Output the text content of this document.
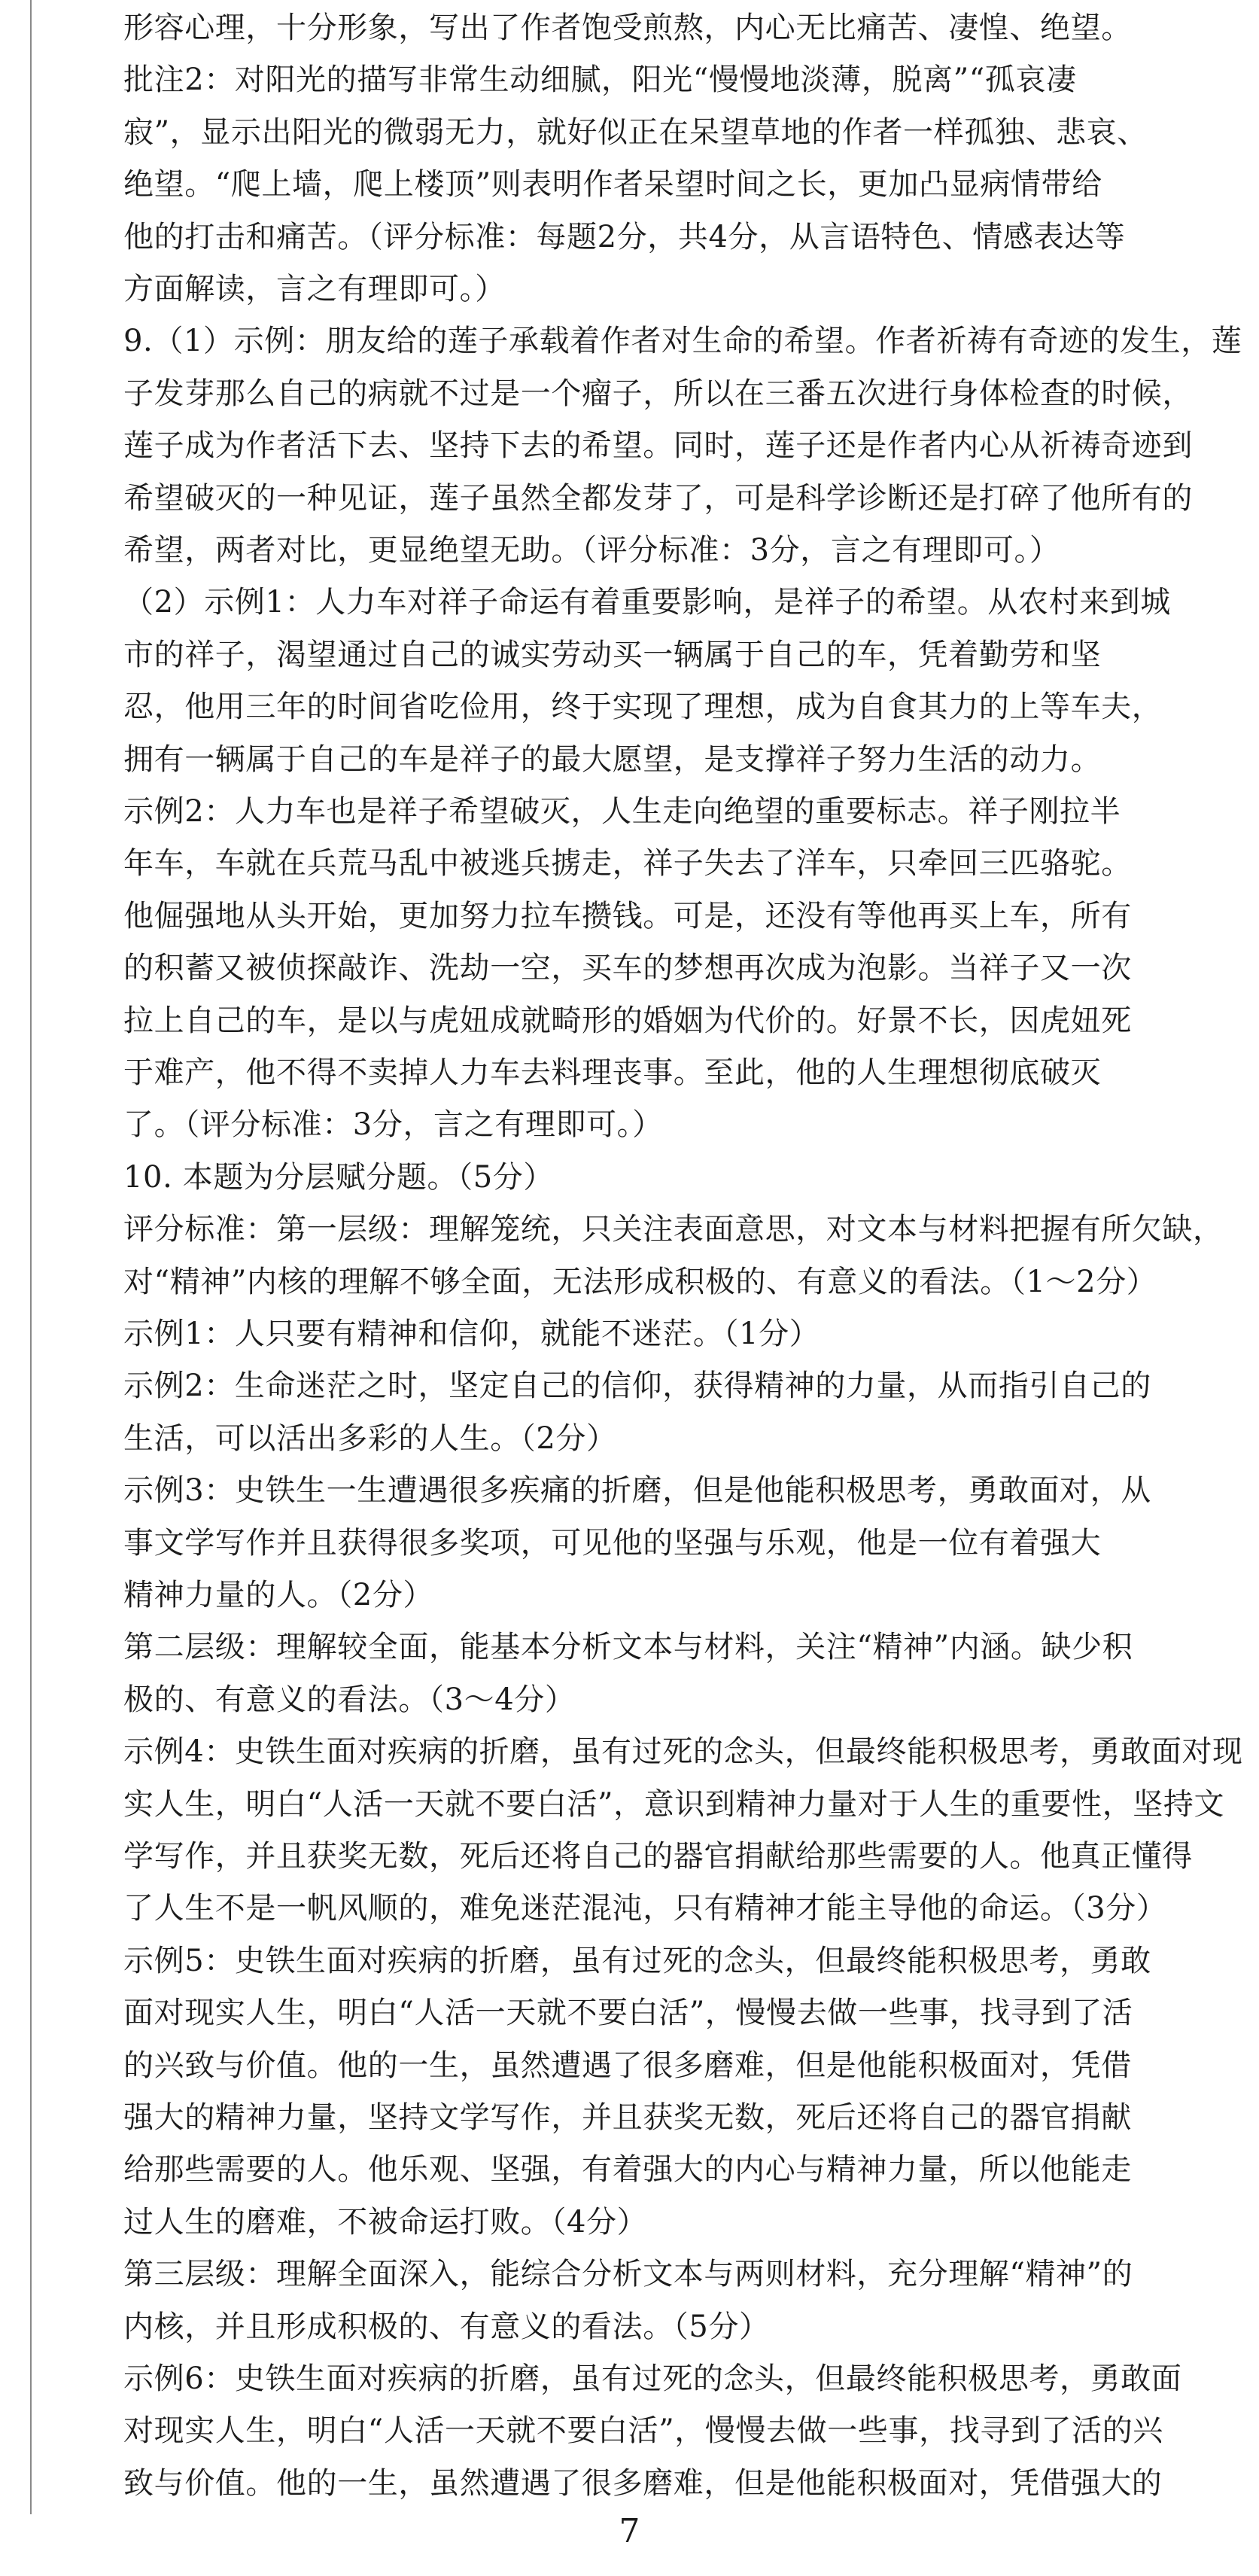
形容心理，十分形象，写出了作者饱受煎熬，内心无比痛苦、凄惶、绝望。
批注2：对阳光的描写非常生动细腻，阳光“慢慢地淡薄，脱离”“孤哀凄
寂”，显示出阳光的微弱无力，就好似正在呆望草地的作者一样孤独、悲哀、
绝望。“爬上墙，爬上楼顶”则表明作者呆望时间之长，更加凸显病情带给
他的打击和痛苦。（评分标准：每题2分，共4分，从言语特色、情感表达等
方面解读，言之有理即可。）
9.（1）示例：朋友给的莲子承载着作者对生命的希望。作者祈祷有奇迹的发生，莲
子发芽那么自己的病就不过是一个瘤子，所以在三番五次进行身体检查的时候，
莲子成为作者活下去、坚持下去的希望。同时，莲子还是作者内心从祈祷奇迹到
希望破灭的一种见证，莲子虽然全都发芽了，可是科学诊断还是打碎了他所有的
希望，两者对比，更显绝望无助。（评分标准：3分，言之有理即可。）
（2）示例1：人力车对祥子命运有着重要影响，是祥子的希望。从农村来到城
市的祥子，渴望通过自己的诚实劳动买一辆属于自己的车，凭着勤劳和坚
忍，他用三年的时间省吃俭用，终于实现了理想，成为自食其力的上等车夫，
拥有一辆属于自己的车是祥子的最大愿望，是支撑祥子努力生活的动力。
示例2：人力车也是祥子希望破灭，人生走向绝望的重要标志。祥子刚拉半
年车，车就在兵荒马乱中被逃兵掳走，祥子失去了洋车，只牵回三匹骆驼。
他倔强地从头开始，更加努力拉车攒钱。可是，还没有等他再买上车，所有
的积蓄又被侦探敲诈、洗劫一空，买车的梦想再次成为泡影。当祥子又一次
拉上自己的车，是以与虎妞成就畸形的婚姻为代价的。好景不长，因虎妞死
于难产，他不得不卖掉人力车去料理丧事。至此，他的人生理想彻底破灭
了。（评分标准：3分，言之有理即可。）
10. 本题为分层赋分题。（5分）
评分标准：第一层级：理解笼统，只关注表面意思，对文本与材料把握有所欠缺，
对“精神”内核的理解不够全面，无法形成积极的、有意义的看法。（1～2分）
示例1：人只要有精神和信仰，就能不迷茫。（1分）
示例2：生命迷茫之时，坚定自己的信仰，获得精神的力量，从而指引自己的
生活，可以活出多彩的人生。（2分）
示例3：史铁生一生遭遇很多疾痛的折磨，但是他能积极思考，勇敢面对，从
事文学写作并且获得很多奖项，可见他的坚强与乐观，他是一位有着强大
精神力量的人。（2分）
第二层级：理解较全面，能基本分析文本与材料，关注“精神”内涵。缺少积
极的、有意义的看法。（3～4分）
示例4：史铁生面对疾病的折磨，虽有过死的念头，但最终能积极思考，勇敢面对现
实人生，明白“人活一天就不要白活”，意识到精神力量对于人生的重要性，坚持文
学写作，并且获奖无数，死后还将自己的器官捐献给那些需要的人。他真正懂得
了人生不是一帆风顺的，难免迷茫混沌，只有精神才能主导他的命运。（3分）
示例5：史铁生面对疾病的折磨，虽有过死的念头，但最终能积极思考，勇敢
面对现实人生，明白“人活一天就不要白活”，慢慢去做一些事，找寻到了活
的兴致与价值。他的一生，虽然遭遇了很多磨难，但是他能积极面对，凭借
强大的精神力量，坚持文学写作，并且获奖无数，死后还将自己的器官捐献
给那些需要的人。他乐观、坚强，有着强大的内心与精神力量，所以他能走
过人生的磨难，不被命运打败。（4分）
第三层级：理解全面深入，能综合分析文本与两则材料，充分理解“精神”的
内核，并且形成积极的、有意义的看法。（5分）
示例6：史铁生面对疾病的折磨，虽有过死的念头，但最终能积极思考，勇敢面
对现实人生，明白“人活一天就不要白活”，慢慢去做一些事，找寻到了活的兴
致与价值。他的一生，虽然遭遇了很多磨难，但是他能积极面对，凭借强大的
7
